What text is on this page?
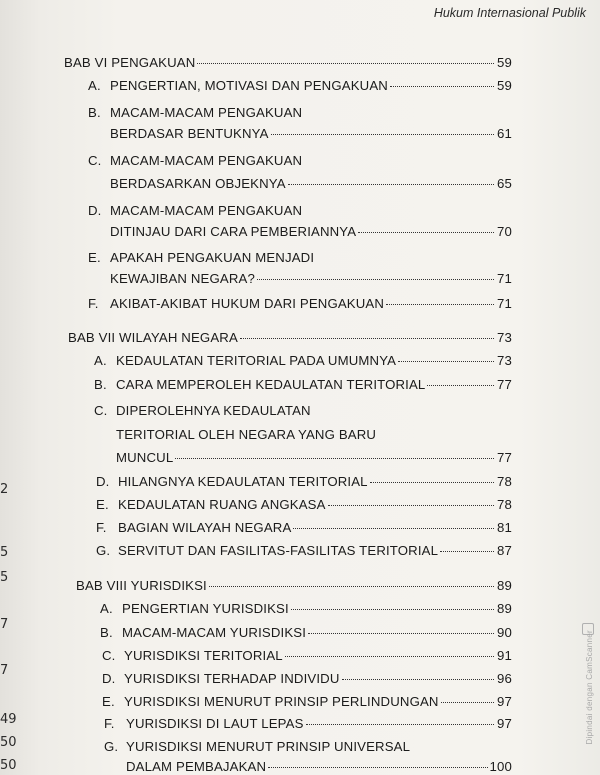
Hukum Internasional Publik
BAB VI PENGAKUAN	59
A. PENGERTIAN, MOTIVASI DAN PENGAKUAN	59
B. MACAM-MACAM PENGAKUAN
BERDASAR BENTUKNYA	61
C. MACAM-MACAM PENGAKUAN
BERDASARKAN OBJEKNYA	65
D. MACAM-MACAM PENGAKUAN
DITINJAU DARI CARA PEMBERIANNYA	70
E. APAKAH PENGAKUAN MENJADI
KEWAJIBAN NEGARA?	71
F. AKIBAT-AKIBAT HUKUM DARI PENGAKUAN	71
BAB VII WILAYAH NEGARA	73
A. KEDAULATAN TERITORIAL PADA UMUMNYA	73
B. CARA MEMPEROLEH KEDAULATAN TERITORIAL	77
C. DIPEROLEHNYA KEDAULATAN
TERITORIAL OLEH NEGARA YANG BARU
MUNCUL	77
D. HILANGNYA KEDAULATAN TERITORIAL	78
E. KEDAULATAN RUANG ANGKASA	78
F. BAGIAN WILAYAH NEGARA	81
G. SERVITUT DAN FASILITAS-FASILITAS TERITORIAL	87
BAB VIII YURISDIKSI	89
A. PENGERTIAN YURISDIKSI	89
B. MACAM-MACAM YURISDIKSI	90
C. YURISDIKSI TERITORIAL	91
D. YURISDIKSI TERHADAP INDIVIDU	96
E. YURISDIKSI MENURUT PRINSIP PERLINDUNGAN	97
F. YURISDIKSI DI LAUT LEPAS	97
G. YURISDIKSI MENURUT PRINSIP UNIVERSAL
DALAM PEMBAJAKAN	100
2
5
5
7
7
49
50
50
Dipindai dengan CamScanner
